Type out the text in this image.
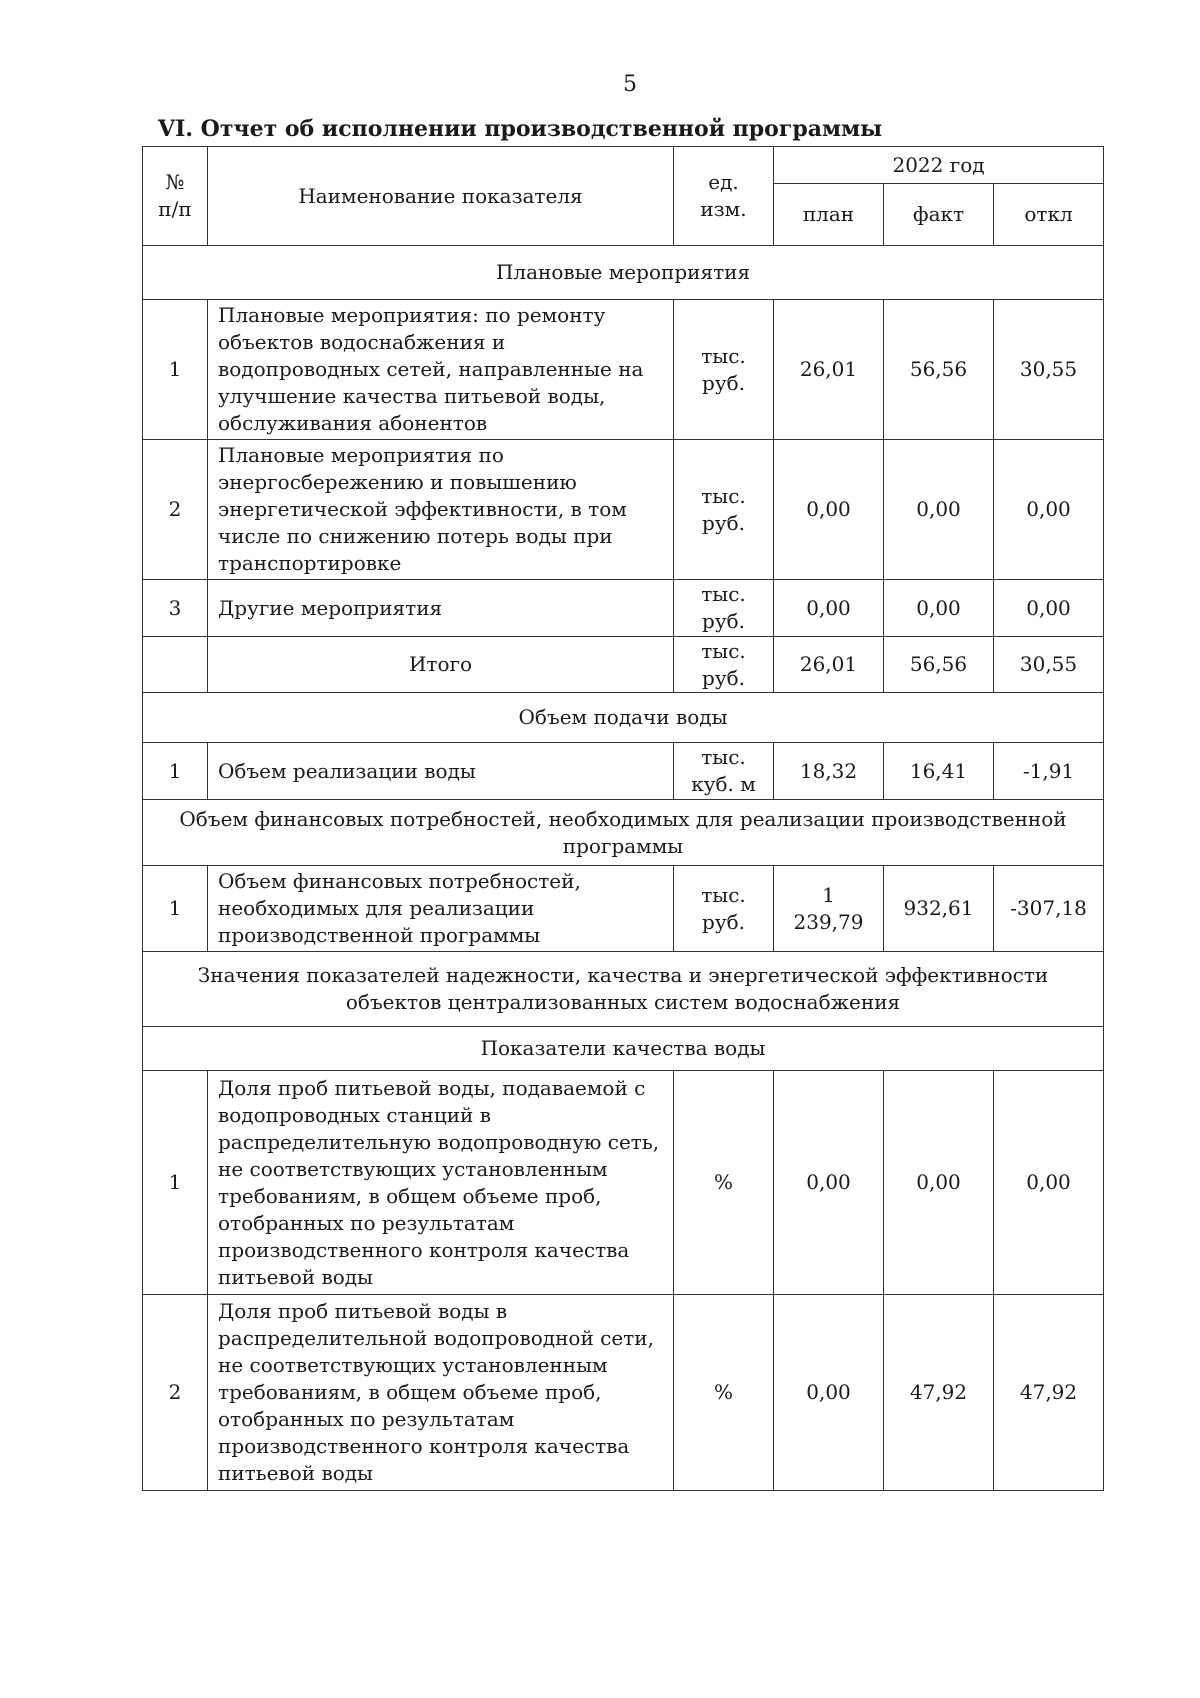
5
VI. Отчет об исполнении производственной программы
№ п/п	Наименование показателя	ед. изм.	2022 год		
			план	факт	откл
Плановые мероприятия					
1	Плановые мероприятия: по ремонту объектов водоснабжения и водопроводных сетей, направленные на улучшение качества питьевой воды, обслуживания абонентов	тыс. руб.	26,01	56,56	30,55
2	Плановые мероприятия по энергосбережению и повышению энергетической эффективности, в том числе по снижению потерь воды при транспортировке	тыс. руб.	0,00	0,00	0,00
3	Другие мероприятия	тыс. руб.	0,00	0,00	0,00
	Итого	тыс. руб.	26,01	56,56	30,55
Объем подачи воды					
1	Объем реализации воды	тыс. куб. м	18,32	16,41	-1,91
Объем финансовых потребностей, необходимых для реализации производственной программы					
1	Объем финансовых потребностей, необходимых для реализации производственной программы	тыс. руб.	1 239,79	932,61	-307,18
Значения показателей надежности, качества и энергетической эффективности объектов централизованных систем водоснабжения					
Показатели качества воды					
1	Доля проб питьевой воды, подаваемой с водопроводных станций в распределительную водопроводную сеть, не соответствующих установленным требованиям, в общем объеме проб, отобранных по результатам производственного контроля качества питьевой воды	%	0,00	0,00	0,00
2	Доля проб питьевой воды в распределительной водопроводной сети, не соответствующих установленным требованиям, в общем объеме проб, отобранных по результатам производственного контроля качества питьевой воды	%	0,00	47,92	47,92
